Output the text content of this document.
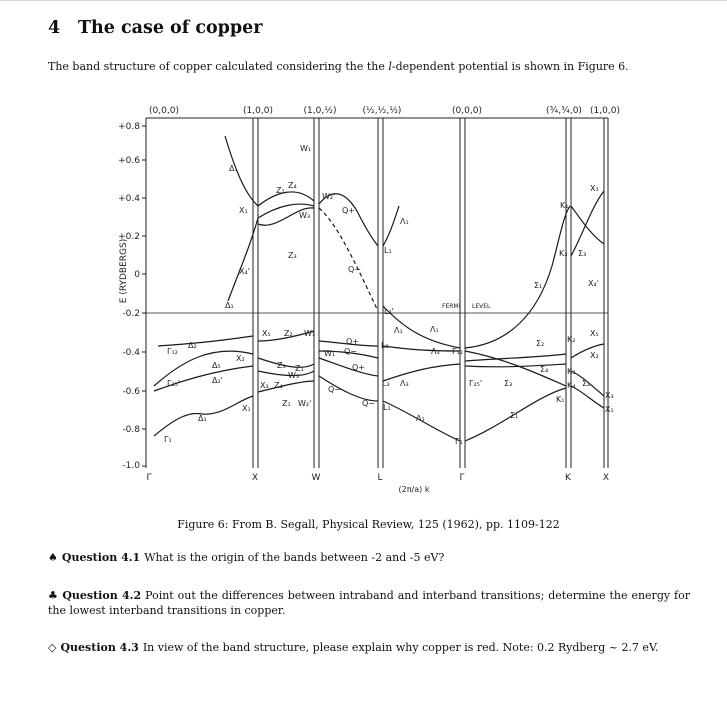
4 The case of copper

The band structure of copper calculated considering the the l-dependent potential is shown in Figure 6.

+0.8
+0.6
+0.4
+0.2
0
-0.2
-0.4
-0.6
-0.8
-1.0
E (RYDBERGS)
(0,0,0)	(1,0,0)	(1,0,½)	(½,½,½)	(0,0,0)	(¾,¾,0) (1,0,0)
FERMI LEVEL
Δ₁
X₁
Z₁
Z₄
W₁
W₂'
W₃
Q+
Λ₁
L₁
Z₃
X₄'	Q−
Δ₁
L₂'
Λ₁
X₅ Z₂ W₁
Q+	L₃
Δ₂
Γ₁₂
Δ₅
X₂
W₁ Q−	Λ₃ Γ₁₂
Z₃ Z₁	Q+
W₃
Γ₂₅'	Δ₂'
X₃ Z₄	L₃ Λ₃	Γ₂₅'	Σ₃
Q−
Z₁ W₂'	Q− L₁
Δ₁
X₁
Λ₁	Σ₁
Γ₁	Γ₁
Σ₁
K₁
K₃ Σ₃
X₁
X₄'
Σ₂	K₂
X₅
X₂
Σ₄ K₃
K₄ Σ₂
X₃
K₁
X₁
Λ₁
Γ	X	W	L	Γ	K	X
(2π/a) k

Figure 6: From B. Segall, Physical Review, 125 (1962), pp. 1109-122

♠ Question 4.1 What is the origin of the bands between -2 and -5 eV?

♣ Question 4.2 Point out the differences between intraband and interband transitions; determine the energy for the lowest interband transitions in copper.

◇ Question 4.3 In view of the band structure, please explain why copper is red. Note: 0.2 Rydberg ~ 2.7 eV.
